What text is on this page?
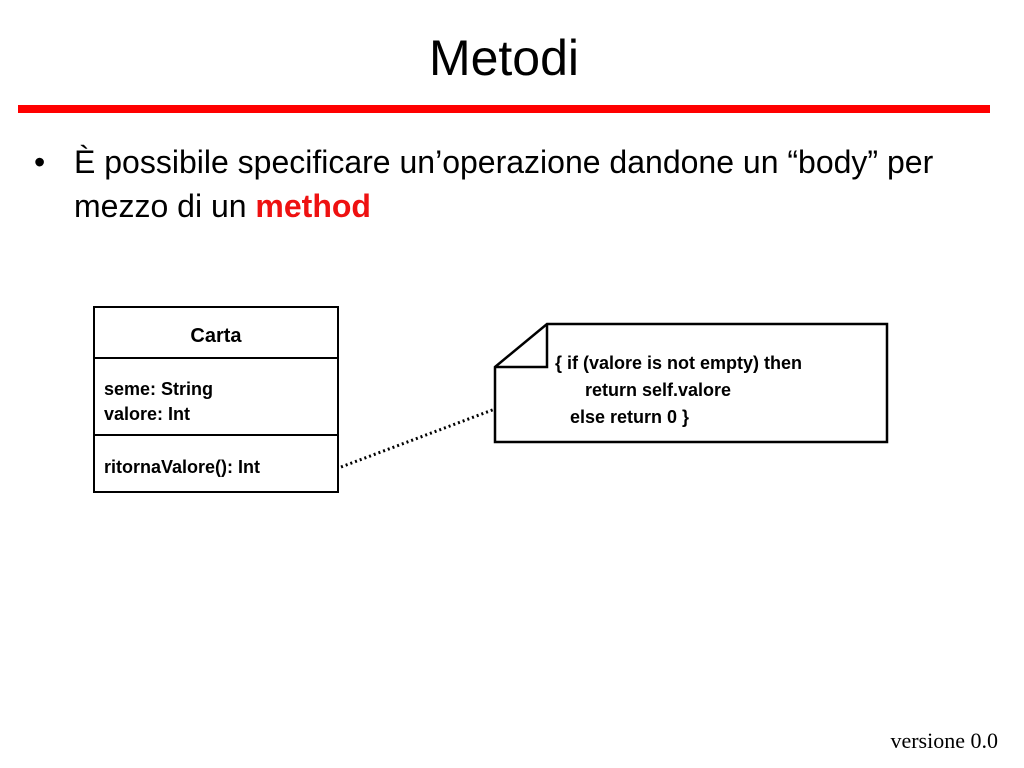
Metodi
• È possibile specificare un’operazione dandone un “body” per mezzo di un method
Carta
seme: String
valore: Int
ritornaValore(): Int
{ if (valore is not empty) then
return self.valore
else return 0 }
versione 0.0
